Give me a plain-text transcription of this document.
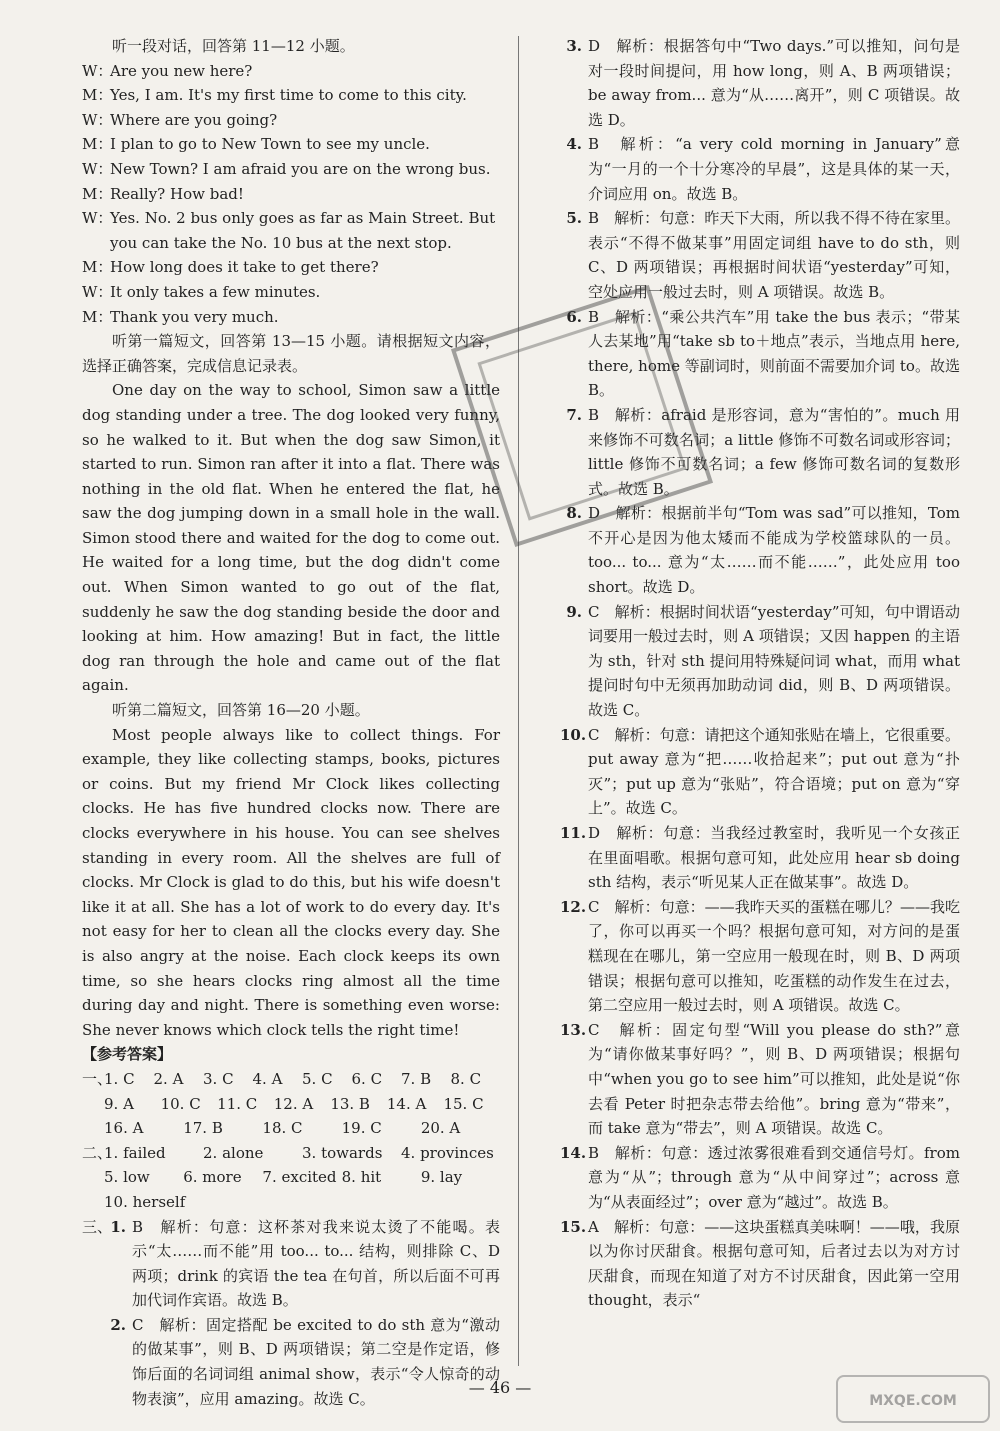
听一段对话，回答第 11—12 小题。

W：
Are you new here?
M：
Yes, I am. It's my first time to come to this city.
W：
Where are you going?
M：
I plan to go to New Town to see my uncle.
W：
New Town? I am afraid you are on the wrong bus.
M：
Really? How bad!
W：
Yes. No. 2 bus only goes as far as Main Street. But you can take the No. 10 bus at the next stop.
M：
How long does it take to get there?
W：
It only takes a few minutes.
M：
Thank you very much.

听第一篇短文，回答第 13—15 小题。请根据短文内容，选择正确答案，完成信息记录表。

One day on the way to school, Simon saw a little dog standing under a tree. The dog looked very funny, so he walked to it. But when the dog saw Simon, it started to run. Simon ran after it into a flat. There was nothing in the old flat. When he entered the flat, he saw the dog jumping down in a small hole in the wall. Simon stood there and waited for the dog to come out. He waited for a long time, but the dog didn't come out. When Simon wanted to go out of the flat, suddenly he saw the dog standing beside the door and looking at him. How amazing! But in fact, the little dog ran through the hole and came out of the flat again.

听第二篇短文，回答第 16—20 小题。

Most people always like to collect things. For example, they like collecting stamps, books, pictures or coins. But my friend Mr Clock likes collecting clocks. He has five hundred clocks now. There are clocks everywhere in his house. You can see shelves standing in every room. All the shelves are full of clocks. Mr Clock is glad to do this, but his wife doesn't like it at all. She has a lot of work to do every day. It's not easy for her to clean all the clocks every day. She is also angry at the noise. Each clock keeps its own time, so she hears clocks ring almost all the time during day and night. There is something even worse: She never knows which clock tells the right time!

【参考答案】

一、
1. C	2. A	3. C	4. A	5. C	6. C	7. B	8. C
9. A	10. C	11. C	12. A	13. B	14. A	15. C
16. A	17. B	18. C	19. C	20. A
二、
1. failed	2. alone	3. towards	4. provinces
5. low	6. more	7. excited 8. hit	9. lay
10. herself
三、
1. B　解析：句意：这杯茶对我来说太烫了不能喝。表示“太……而不能”用 too... to... 结构，则排除 C、D 两项；drink 的宾语 the tea 在句首，所以后面不可再加代词作宾语。故选 B。
2. C　解析：固定搭配 be excited to do sth 意为“激动的做某事”，则 B、D 两项错误；第二空是作定语，修饰后面的名词词组 animal show，表示“令人惊奇的动物表演”，应用 amazing。故选 C。
3. D　解析：根据答句中“Two days.”可以推知，问句是对一段时间提问，用 how long，则 A、B 两项错误；be away from... 意为“从……离开”，则 C 项错误。故选 D。
4. B　解析：“a very cold morning in January”意为“一月的一个十分寒冷的早晨”，这是具体的某一天，介词应用 on。故选 B。
5. B　解析：句意：昨天下大雨，所以我不得不待在家里。表示“不得不做某事”用固定词组 have to do sth，则 C、D 两项错误；再根据时间状语“yesterday”可知，空处应用一般过去时，则 A 项错误。故选 B。
6. B　解析：“乘公共汽车”用 take the bus 表示；“带某人去某地”用“take sb to＋地点”表示，当地点用 here, there, home 等副词时，则前面不需要加介词 to。故选 B。
7. B　解析：afraid 是形容词，意为“害怕的”。much 用来修饰不可数名词；a little 修饰不可数名词或形容词；little 修饰不可数名词；a few 修饰可数名词的复数形式。故选 B。
8. D　解析：根据前半句“Tom was sad”可以推知，Tom 不开心是因为他太矮而不能成为学校篮球队的一员。too... to... 意为“太……而不能……”，此处应用 too short。故选 D。
9. C　解析：根据时间状语“yesterday”可知，句中谓语动词要用一般过去时，则 A 项错误；又因 happen 的主语为 sth，针对 sth 提问用特殊疑问词 what，而用 what 提问时句中无须再加助动词 did，则 B、D 两项错误。故选 C。
10. C　解析：句意：请把这个通知张贴在墙上，它很重要。put away 意为“把……收拾起来”；put out 意为“扑灭”；put up 意为“张贴”，符合语境；put on 意为“穿上”。故选 C。
11. D　解析：句意：当我经过教室时，我听见一个女孩正在里面唱歌。根据句意可知，此处应用 hear sb doing sth 结构，表示“听见某人正在做某事”。故选 D。
12. C　解析：句意：——我昨天买的蛋糕在哪儿？——我吃了，你可以再买一个吗？根据句意可知，对方问的是蛋糕现在在哪儿，第一空应用一般现在时，则 B、D 两项错误；根据句意可以推知，吃蛋糕的动作发生在过去，第二空应用一般过去时，则 A 项错误。故选 C。
13. C　解析：固定句型“Will you please do sth?”意为“请你做某事好吗？”，则 B、D 两项错误；根据句中“when you go to see him”可以推知，此处是说“你去看 Peter 时把杂志带去给他”。bring 意为“带来”，而 take 意为“带去”，则 A 项错误。故选 C。
14. B　解析：句意：透过浓雾很难看到交通信号灯。from 意为“从”；through 意为“从中间穿过”；across 意为“从表面经过”；over 意为“越过”。故选 B。
15. A　解析：句意：——这块蛋糕真美味啊！——哦，我原以为你讨厌甜食。根据句意可知，后者过去以为对方讨厌甜食，而现在知道了对方不讨厌甜食，因此第一空用 thought，表示“
— 46 —
MXQE.COM
